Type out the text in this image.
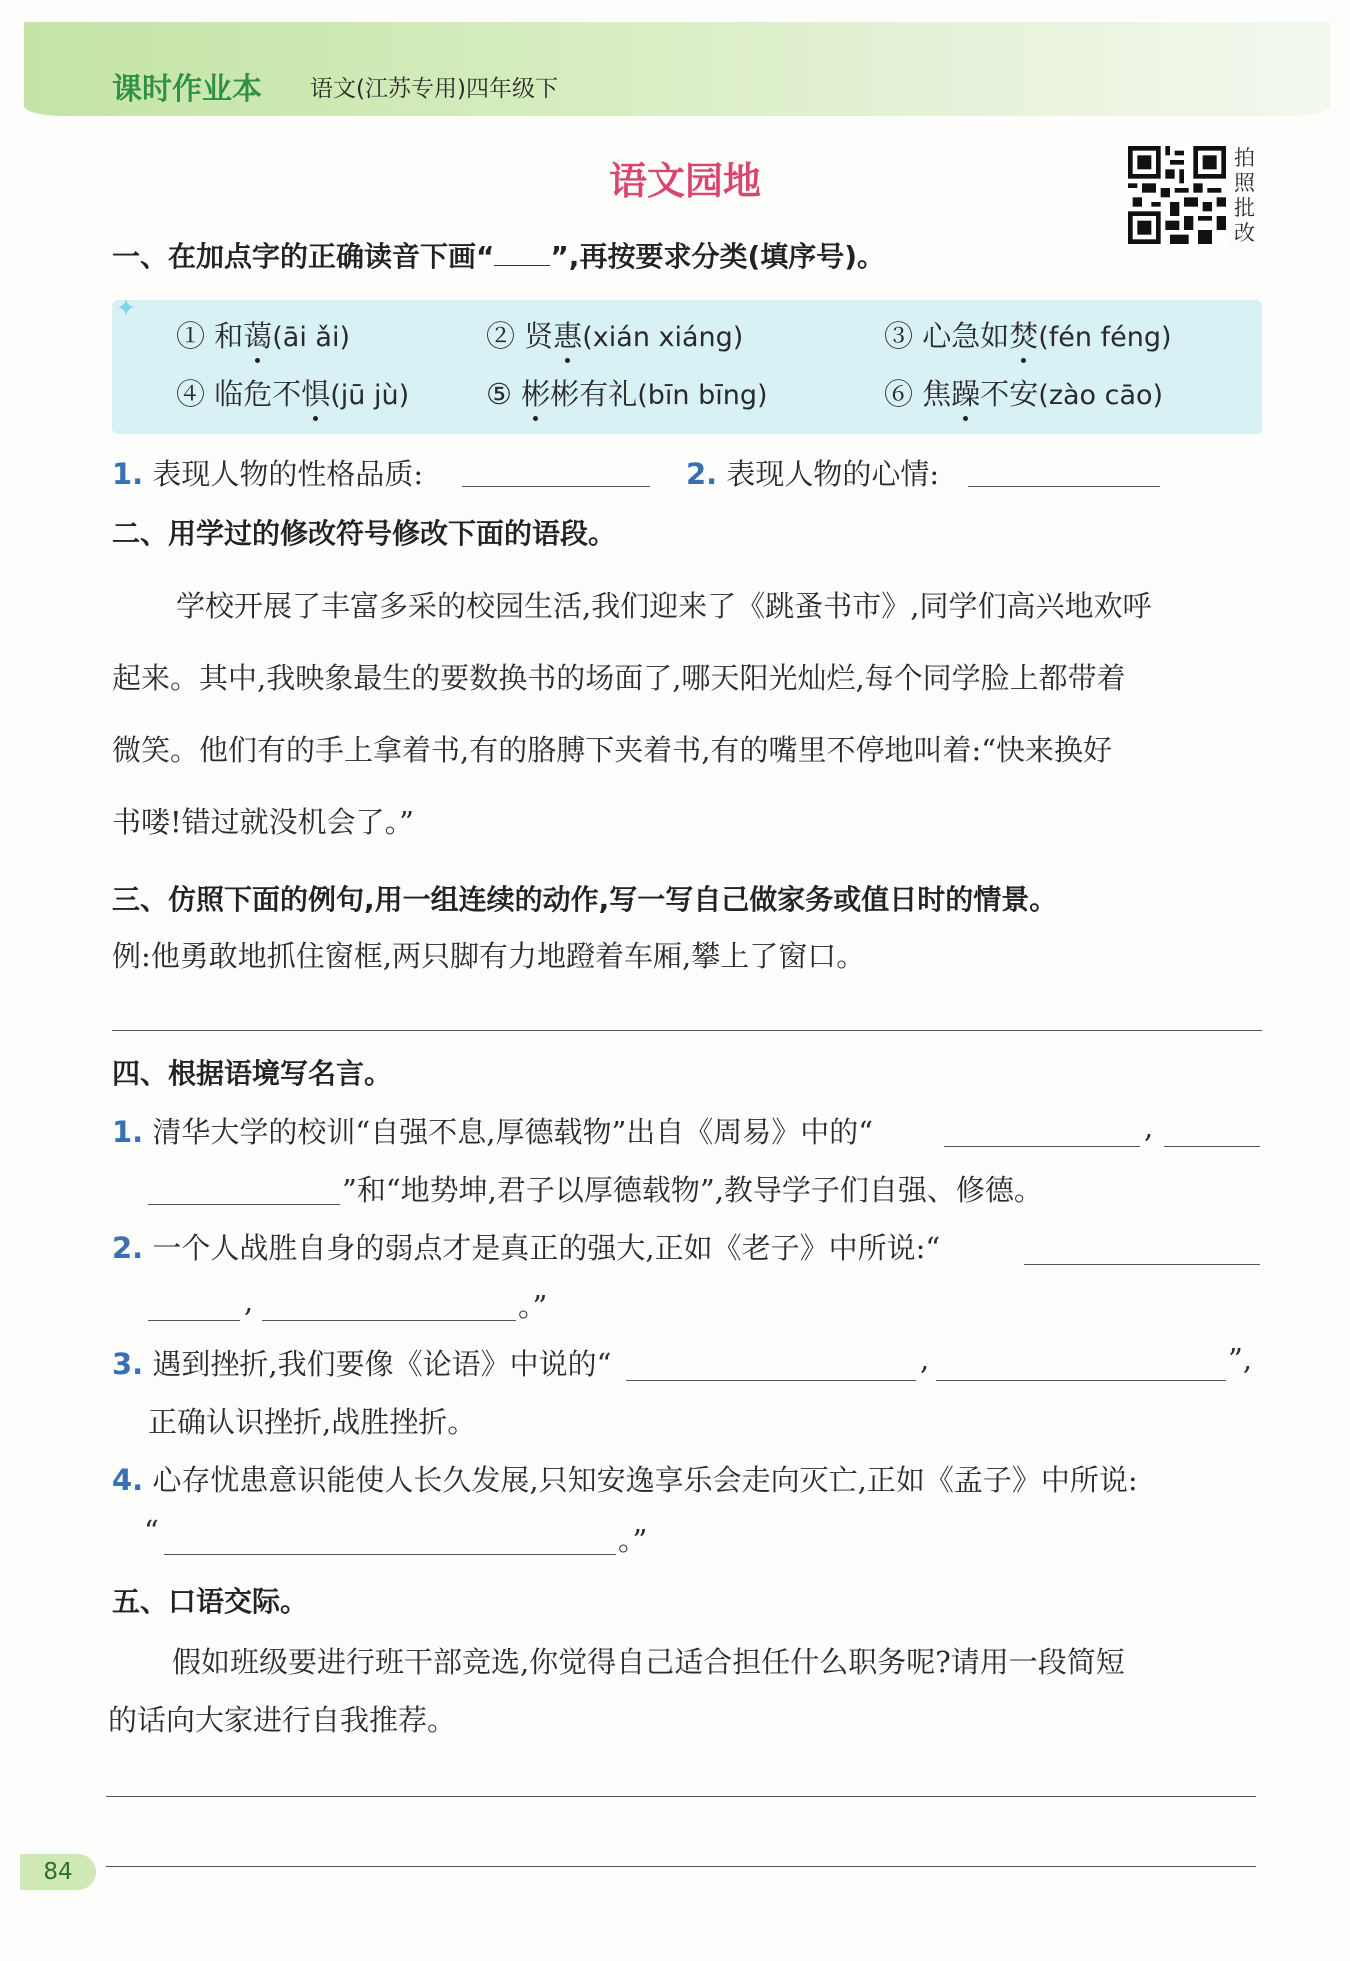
课时作业本 语文(江苏专用)四年级下
语文园地
拍照批改
一、在加点字的正确读音下画“ ”,再按要求分类(填序号)。
✦
① 和蔼(āi ǎi)	② 贤惠(xián xiáng)	③ 心急如焚(fén féng)
④ 临危不惧(jū jù)	⑤ 彬彬有礼(bīn bīng)	⑥ 焦躁不安(zào cāo)
1. 表现人物的性格品质:	2. 表现人物的心情:
二、用学过的修改符号修改下面的语段。
学校开展了丰富多采的校园生活,我们迎来了《跳蚤书市》,同学们高兴地欢呼
起来。其中,我映象最生的要数换书的场面了,哪天阳光灿烂,每个同学脸上都带着
微笑。他们有的手上拿着书,有的胳膊下夹着书,有的嘴里不停地叫着:“快来换好
书喽!错过就没机会了。”
三、仿照下面的例句,用一组连续的动作,写一写自己做家务或值日时的情景。
例:他勇敢地抓住窗框,两只脚有力地蹬着车厢,攀上了窗口。
四、根据语境写名言。
1. 清华大学的校训“自强不息,厚德载物”出自《周易》中的“	,
”和“地势坤,君子以厚德载物”,教导学子们自强、修德。
2. 一个人战胜自身的弱点才是真正的强大,正如《老子》中所说:“
,	。”
3. 遇到挫折,我们要像《论语》中说的“	,	”,
正确认识挫折,战胜挫折。
4. 心存忧患意识能使人长久发展,只知安逸享乐会走向灭亡,正如《孟子》中所说:
“	。”
五、口语交际。
假如班级要进行班干部竞选,你觉得自己适合担任什么职务呢?请用一段简短
的话向大家进行自我推荐。
84
